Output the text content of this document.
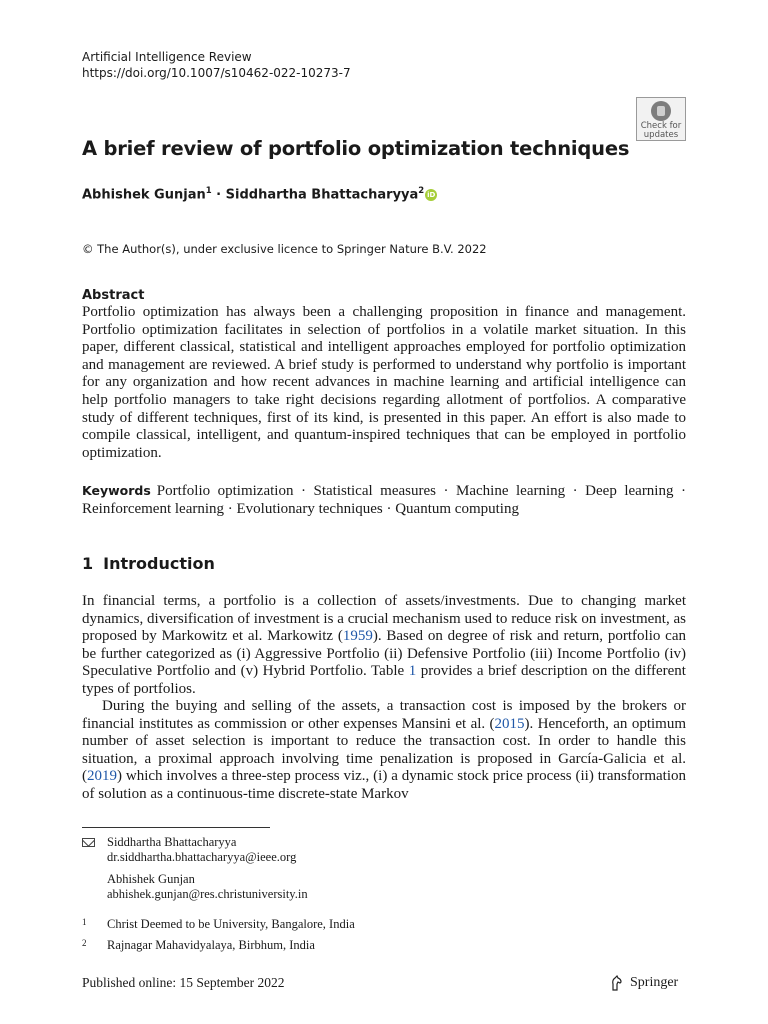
Artificial Intelligence Review
https://doi.org/10.1007/s10462-022-10273-7
Check for
updates
A brief review of portfolio optimization techniques
Abhishek Gunjan$^1$ · Siddhartha Bhattacharyya$^2$ iD
© The Author(s), under exclusive licence to Springer Nature B.V. 2022
Abstract

Portfolio optimization has always been a challenging proposition in finance and management. Portfolio optimization facilitates in selection of portfolios in a volatile market situation. In this paper, different classical, statistical and intelligent approaches employed for portfolio optimization and management are reviewed. A brief study is performed to understand why portfolio is important for any organization and how recent advances in machine learning and artificial intelligence can help portfolio managers to take right decisions regarding allotment of portfolios. A comparative study of different techniques, first of its kind, is presented in this paper. An effort is also made to compile classical, intelligent, and quantum-inspired techniques that can be employed in portfolio optimization.

Keywords Portfolio optimization · Statistical measures · Machine learning · Deep learning · Reinforcement learning · Evolutionary techniques · Quantum computing

1 Introduction

In financial terms, a portfolio is a collection of assets/investments. Due to changing market dynamics, diversification of investment is a crucial mechanism used to reduce risk on investment, as proposed by Markowitz et al. Markowitz (1959). Based on degree of risk and return, portfolio can be further categorized as (i) Aggressive Portfolio (ii) Defensive Portfolio (iii) Income Portfolio (iv) Speculative Portfolio and (v) Hybrid Portfolio. Table 1 provides a brief description on the different types of portfolios.

During the buying and selling of the assets, a transaction cost is imposed by the brokers or financial institutes as commission or other expenses Mansini et al. (2015). Henceforth, an optimum number of asset selection is important to reduce the transaction cost. In order to handle this situation, a proximal approach involving time penalization is proposed in García-Galicia et al. (2019) which involves a three-step process viz., (i) a dynamic stock price process (ii) transformation of solution as a continuous-time discrete-state Markov

Siddhartha Bhattacharyya
dr.siddhartha.bhattacharyya@ieee.org
Abhishek Gunjan
abhishek.gunjan@res.christuniversity.in
1 Christ Deemed to be University, Bangalore, India
2 Rajnagar Mahavidyalaya, Birbhum, India
Published online: 15 September 2022	Springer
